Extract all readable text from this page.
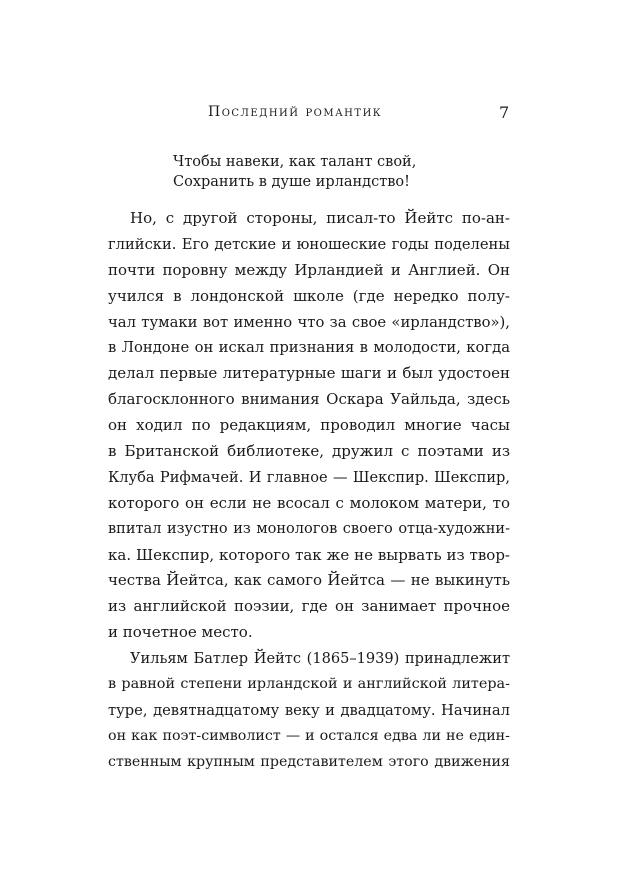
Последний романтик	7
Чтобы навеки, как талант свой,
Сохранить в душе ирландство!
Но, с другой стороны, писал-то Йейтс по-ан-
глийски. Его детские и юношеские годы поделены
почти поровну между Ирландией и Англией. Он
учился в лондонской школе (где нередко полу-
чал тумаки вот именно что за свое «ирландство»),
в Лондоне он искал признания в молодости, когда
делал первые литературные шаги и был удостоен
благосклонного внимания Оскара Уайльда, здесь
он ходил по редакциям, проводил многие часы
в Британской библиотеке, дружил с поэтами из
Клуба Рифмачей. И главное — Шекспир. Шекспир,
которого он если не всосал с молоком матери, то
впитал изустно из монологов своего отца-художни-
ка. Шекспир, которого так же не вырвать из твор-
чества Йейтса, как самого Йейтса — не выкинуть
из английской поэзии, где он занимает прочное
и почетное место.
Уильям Батлер Йейтс (1865–1939) принадлежит
в равной степени ирландской и английской литера-
туре, девятнадцатому веку и двадцатому. Начинал
он как поэт-символист — и остался едва ли не един-
ственным крупным представителем этого движения
